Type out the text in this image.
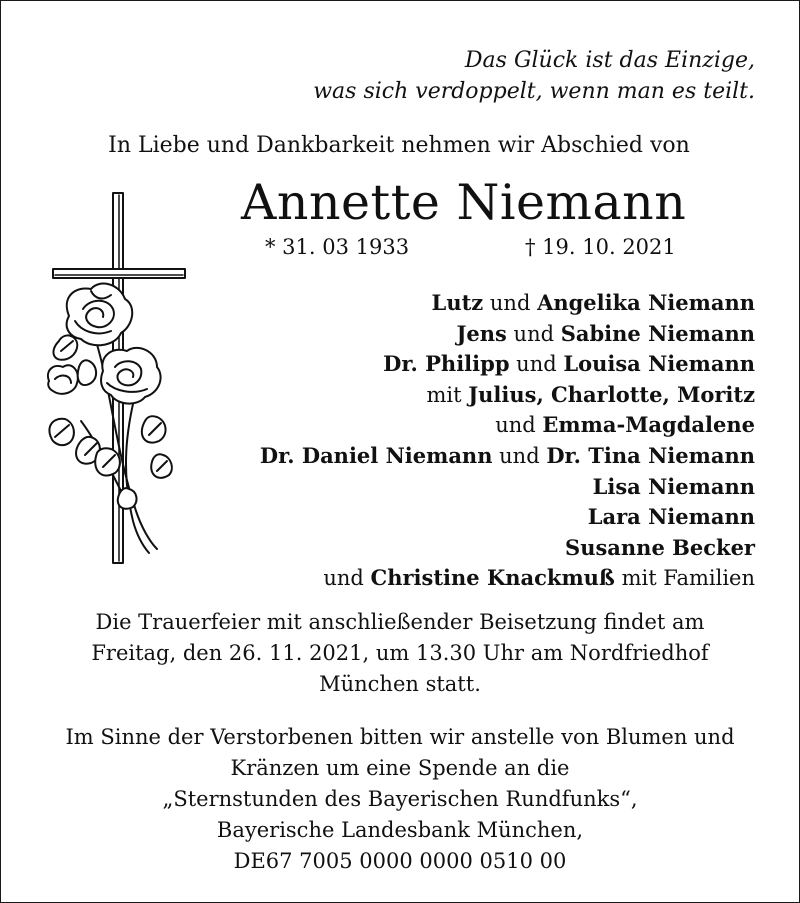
Das Glück ist das Einzige,
was sich verdoppelt, wenn man es teilt.
In Liebe und Dankbarkeit nehmen wir Abschied von
Annette Niemann
* 31. 03 1933	† 19. 10. 2021
Lutz und Angelika Niemann
Jens und Sabine Niemann
Dr. Philipp und Louisa Niemann
mit Julius, Charlotte, Moritz
und Emma-Magdalene
Dr. Daniel Niemann und Dr. Tina Niemann
Lisa Niemann
Lara Niemann
Susanne Becker
und Christine Knackmuß mit Familien
Die Trauerfeier mit anschließender Beisetzung findet am
Freitag, den 26. 11. 2021, um 13.30 Uhr am Nordfriedhof
München statt.
Im Sinne der Verstorbenen bitten wir anstelle von Blumen und
Kränzen um eine Spende an die
„Sternstunden des Bayerischen Rundfunks“,
Bayerische Landesbank München,
DE67 7005 0000 0000 0510 00
